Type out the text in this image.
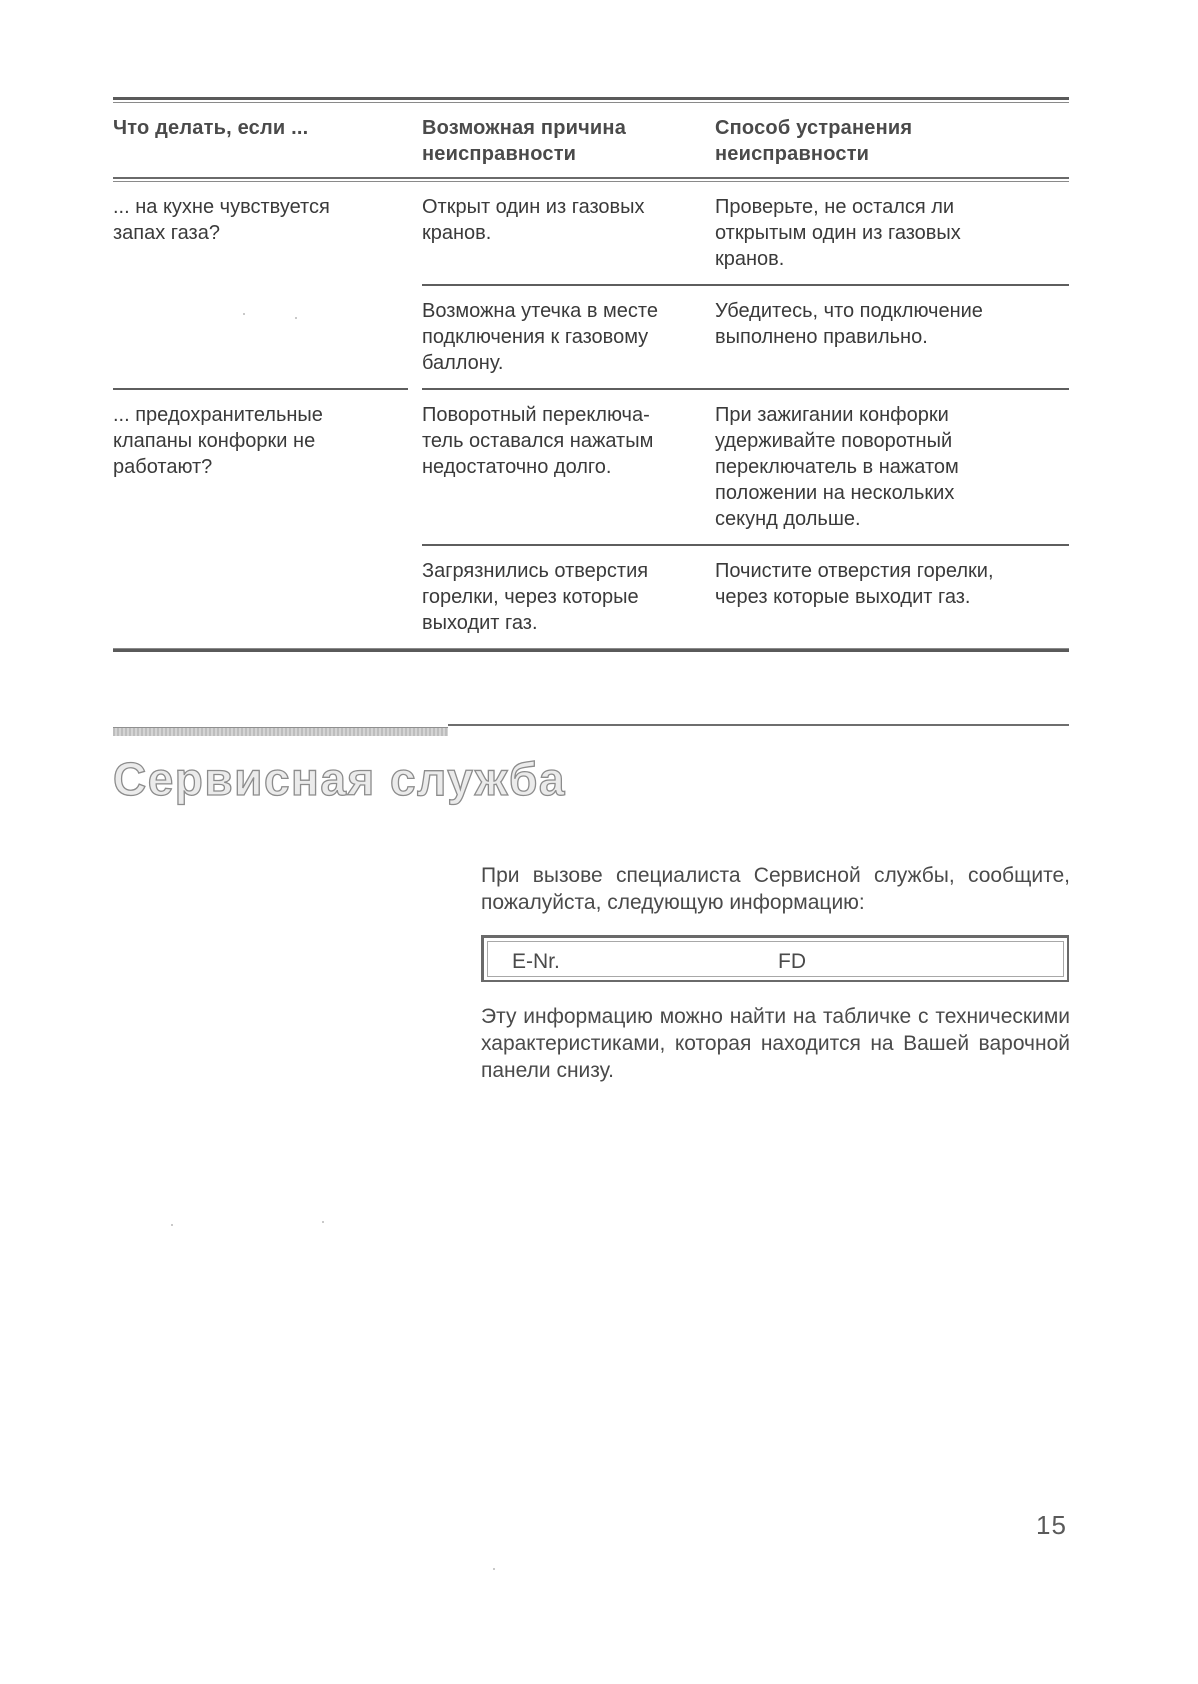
Что делать, если ...	Возможная причина
неисправности
Способ устранения
неисправности
... на кухне чувствуется
запах газа?
Открыт один из газовых
кранов.
Проверьте, не остался ли
открытым один из газовых
кранов.
Возможна утечка в месте
подключения к газовому
баллону.
Убедитесь, что подключение
выполнено правильно.
... предохранительные
клапаны конфорки не
работают?
Поворотный переключа-
тель оставался нажатым
недостаточно долго.
При зажигании конфорки
удерживайте поворотный
переключатель в нажатом
положении на нескольких
секунд дольше.
Загрязнились отверстия
горелки, через которые
выходит газ.
Почистите отверстия горелки,
через которые выходит газ.
Сервисная служба
При вызове специалиста Сервисной службы, сообщите, пожалуйста, следующую информацию:
E-Nr.	FD
Эту информацию можно найти на табличке с техническими характеристиками, которая находится на Вашей варочной панели снизу.
15
